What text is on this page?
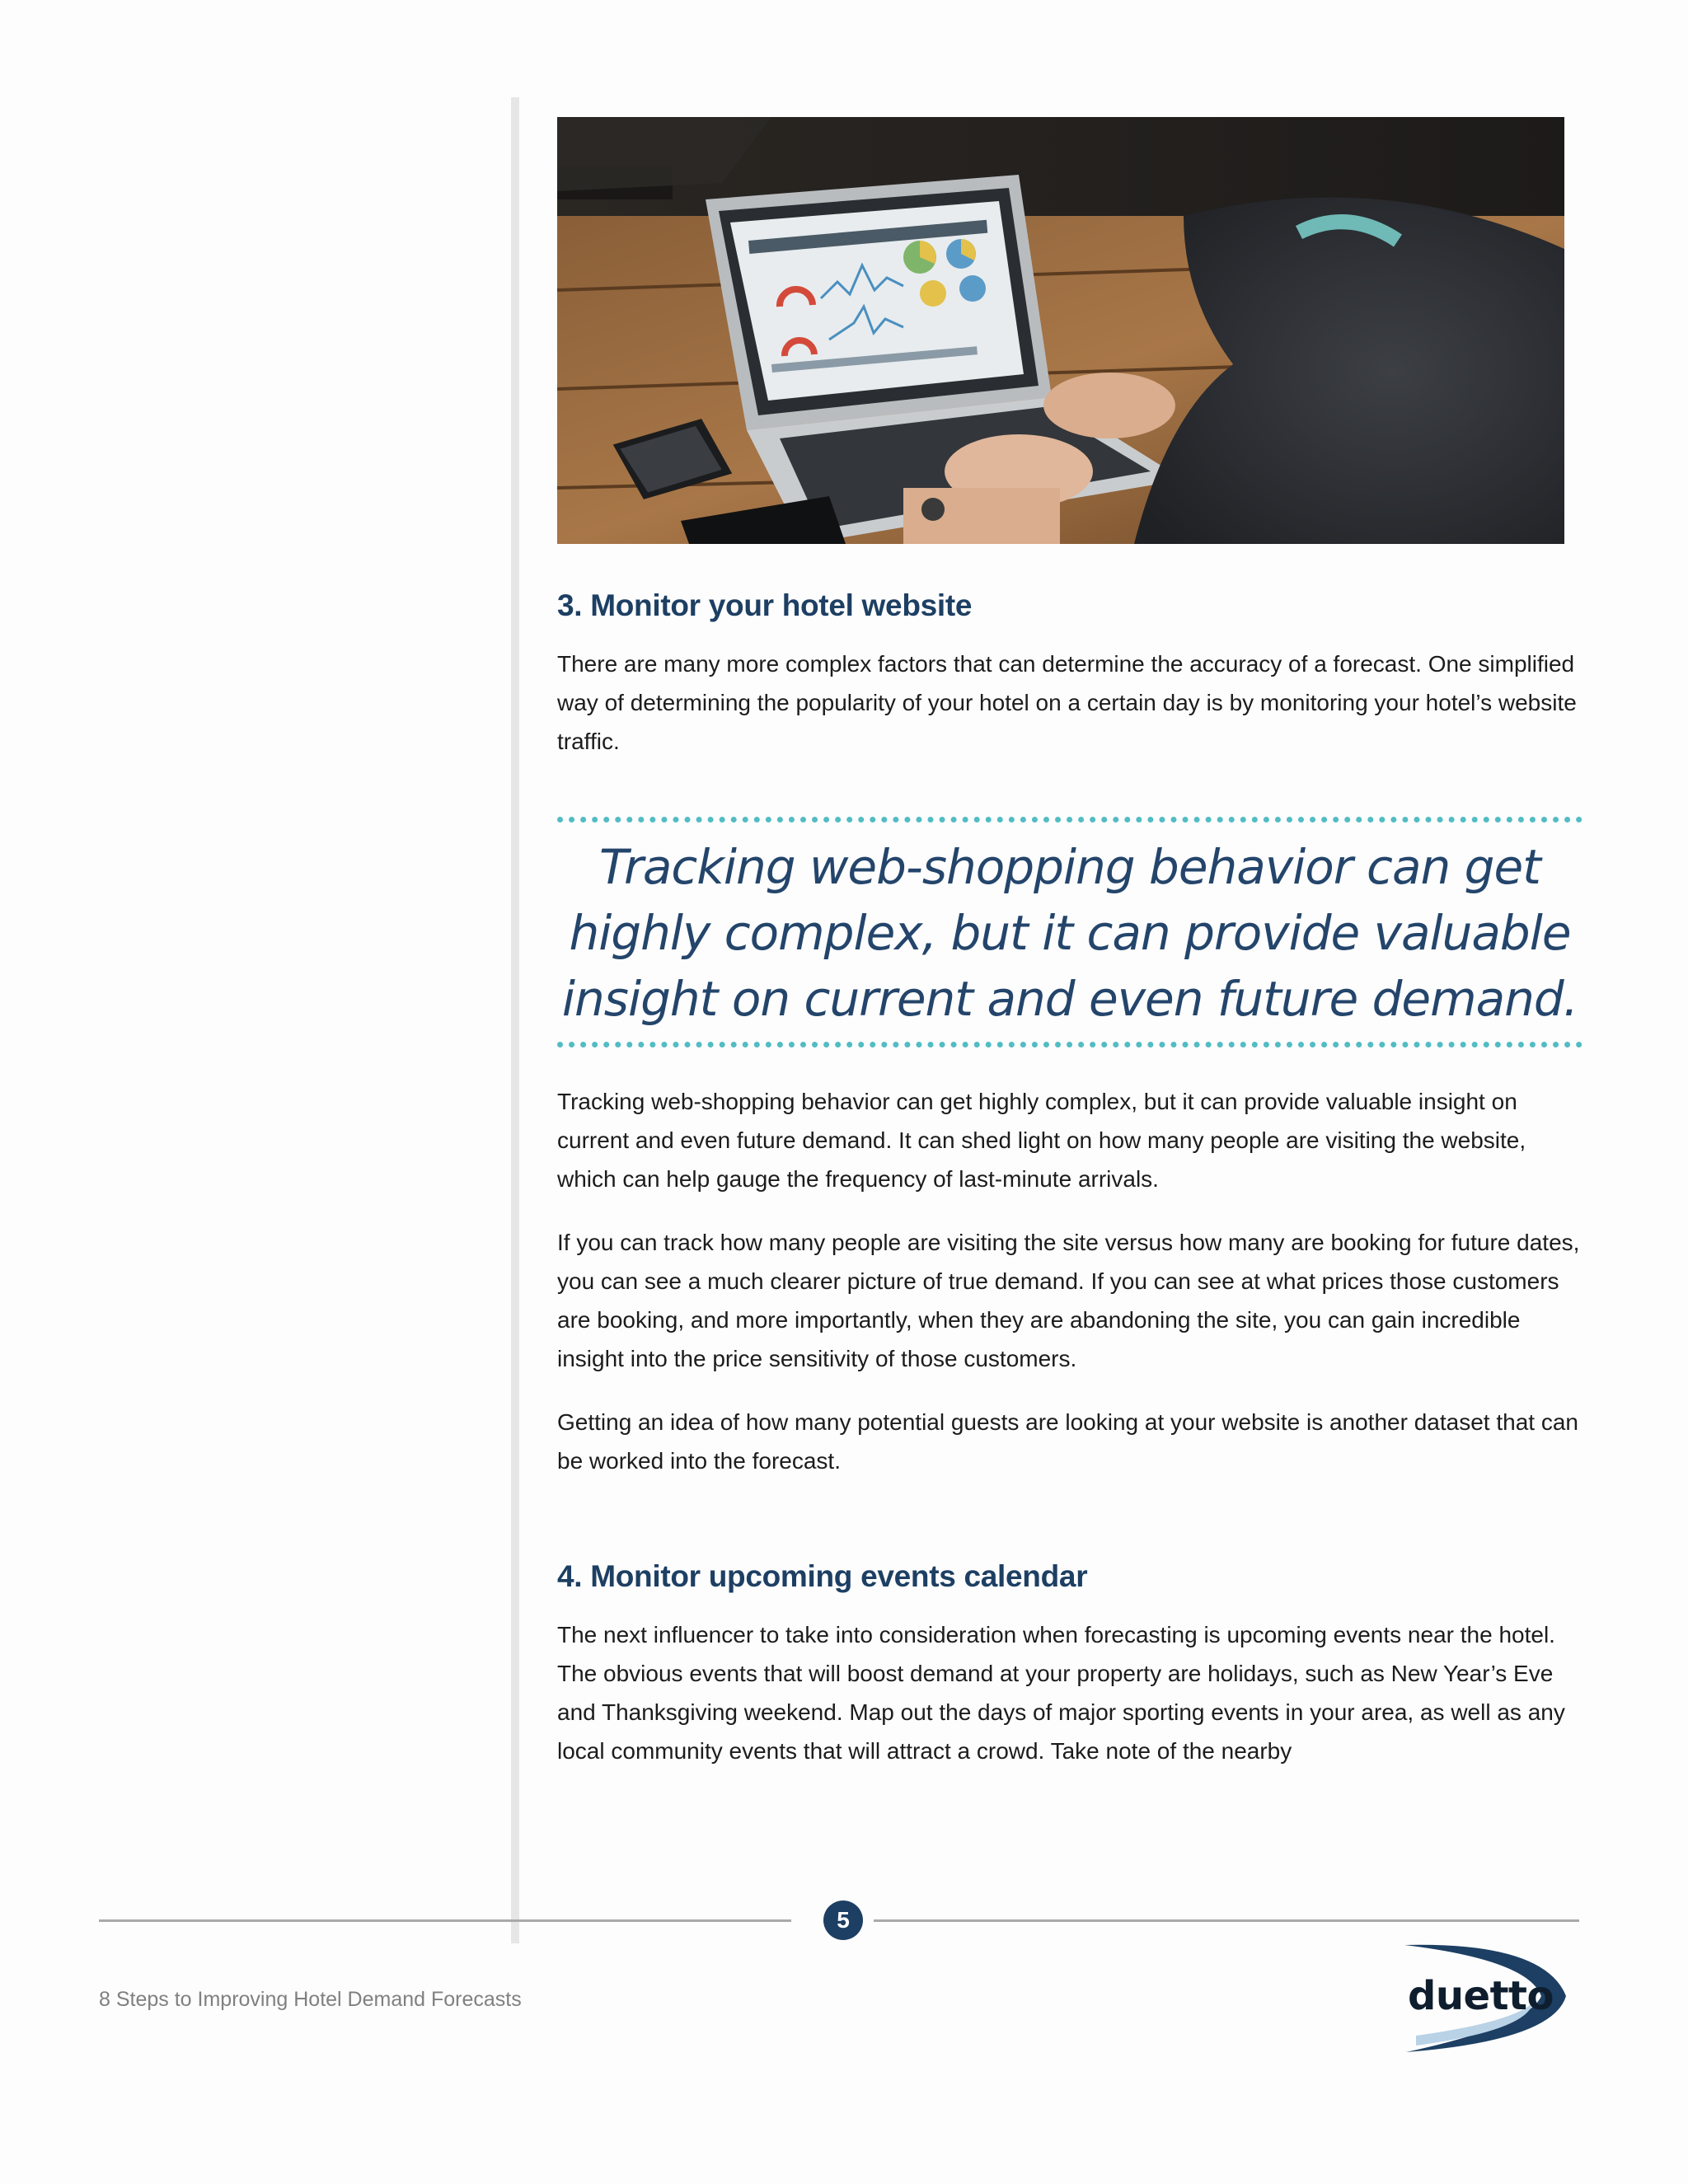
3. Monitor your hotel website

There are many more complex factors that can determine the accuracy of a forecast. One simplified way of determining the popularity of your hotel on a certain day is by monitoring your hotel’s website traffic.

Tracking web-shopping behavior can get
highly complex, but it can provide valuable
insight on current and even future demand.

Tracking web-shopping behavior can get highly complex, but it can provide valuable insight on current and even future demand. It can shed light on how many people are visiting the website, which can help gauge the frequency of last-minute arrivals.

If you can track how many people are visiting the site versus how many are booking for future dates, you can see a much clearer picture of true demand. If you can see at what prices those customers are booking, and more importantly, when they are abandoning the site, you can gain incredible insight into the price sensitivity of those customers.

Getting an idea of how many potential guests are looking at your website is another dataset that can be worked into the forecast.

4. Monitor upcoming events calendar

The next influencer to take into consideration when forecasting is upcoming events near the hotel. The obvious events that will boost demand at your property are holidays, such as New Year’s Eve and Thanksgiving weekend. Map out the days of major sporting events in your area, as well as any local community events that will attract a crowd. Take note of the nearby

5
8 Steps to Improving Hotel Demand Forecasts	duetto
